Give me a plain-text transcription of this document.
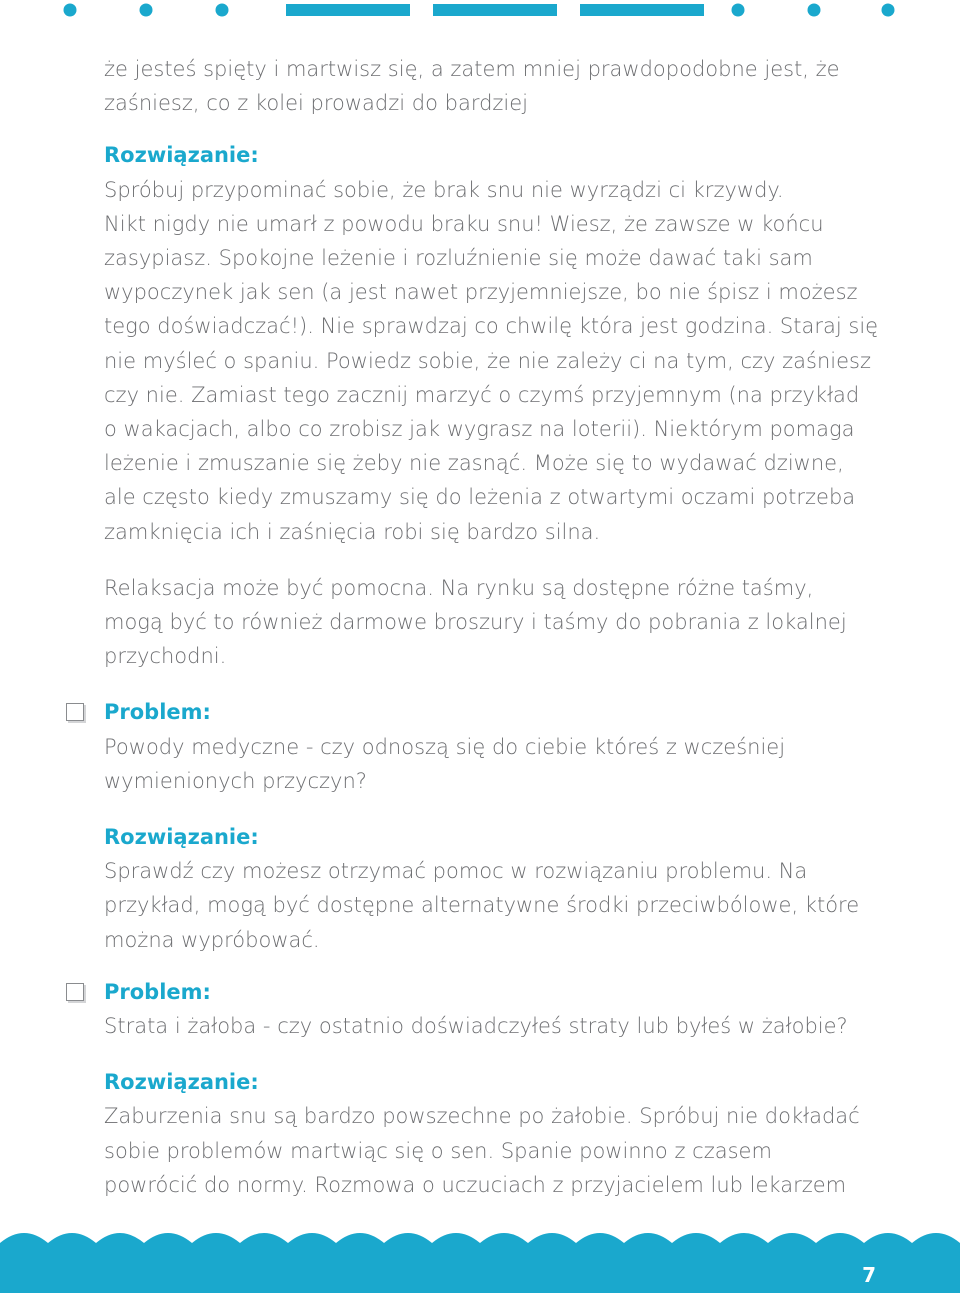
że jesteś spięty i martwisz się, a zatem mniej prawdopodobne jest, że

zaśniesz, co z kolei prowadzi do bardziej

Rozwiązanie:

Spróbuj przypominać sobie, że brak snu nie wyrządzi ci krzywdy.

Nikt nigdy nie umarł z powodu braku snu! Wiesz, że zawsze w końcu

zasypiasz. Spokojne leżenie i rozluźnienie się może dawać taki sam

wypoczynek jak sen (a jest nawet przyjemniejsze, bo nie śpisz i możesz

tego doświadczać!). Nie sprawdzaj co chwilę która jest godzina. Staraj się

nie myśleć o spaniu. Powiedz sobie, że nie zależy ci na tym, czy zaśniesz

czy nie. Zamiast tego zacznij marzyć o czymś przyjemnym (na przykład

o wakacjach, albo co zrobisz jak wygrasz na loterii). Niektórym pomaga

leżenie i zmuszanie się żeby nie zasnąć. Może się to wydawać dziwne,

ale często kiedy zmuszamy się do leżenia z otwartymi oczami potrzeba

zamknięcia ich i zaśnięcia robi się bardzo silna.

Relaksacja może być pomocna. Na rynku są dostępne różne taśmy,

mogą być to również darmowe broszury i taśmy do pobrania z lokalnej

przychodni.

Problem:

Powody medyczne - czy odnoszą się do ciebie któreś z wcześniej

wymienionych przyczyn?

Rozwiązanie:

Sprawdź czy możesz otrzymać pomoc w rozwiązaniu problemu. Na

przykład, mogą być dostępne alternatywne środki przeciwbólowe, które

można wypróbować.

Problem:

Strata i żałoba - czy ostatnio doświadczyłeś straty lub byłeś w żałobie?

Rozwiązanie:

Zaburzenia snu są bardzo powszechne po żałobie. Spróbuj nie dokładać

sobie problemów martwiąc się o sen. Spanie powinno z czasem

powrócić do normy. Rozmowa o uczuciach z przyjacielem lub lekarzem

7
